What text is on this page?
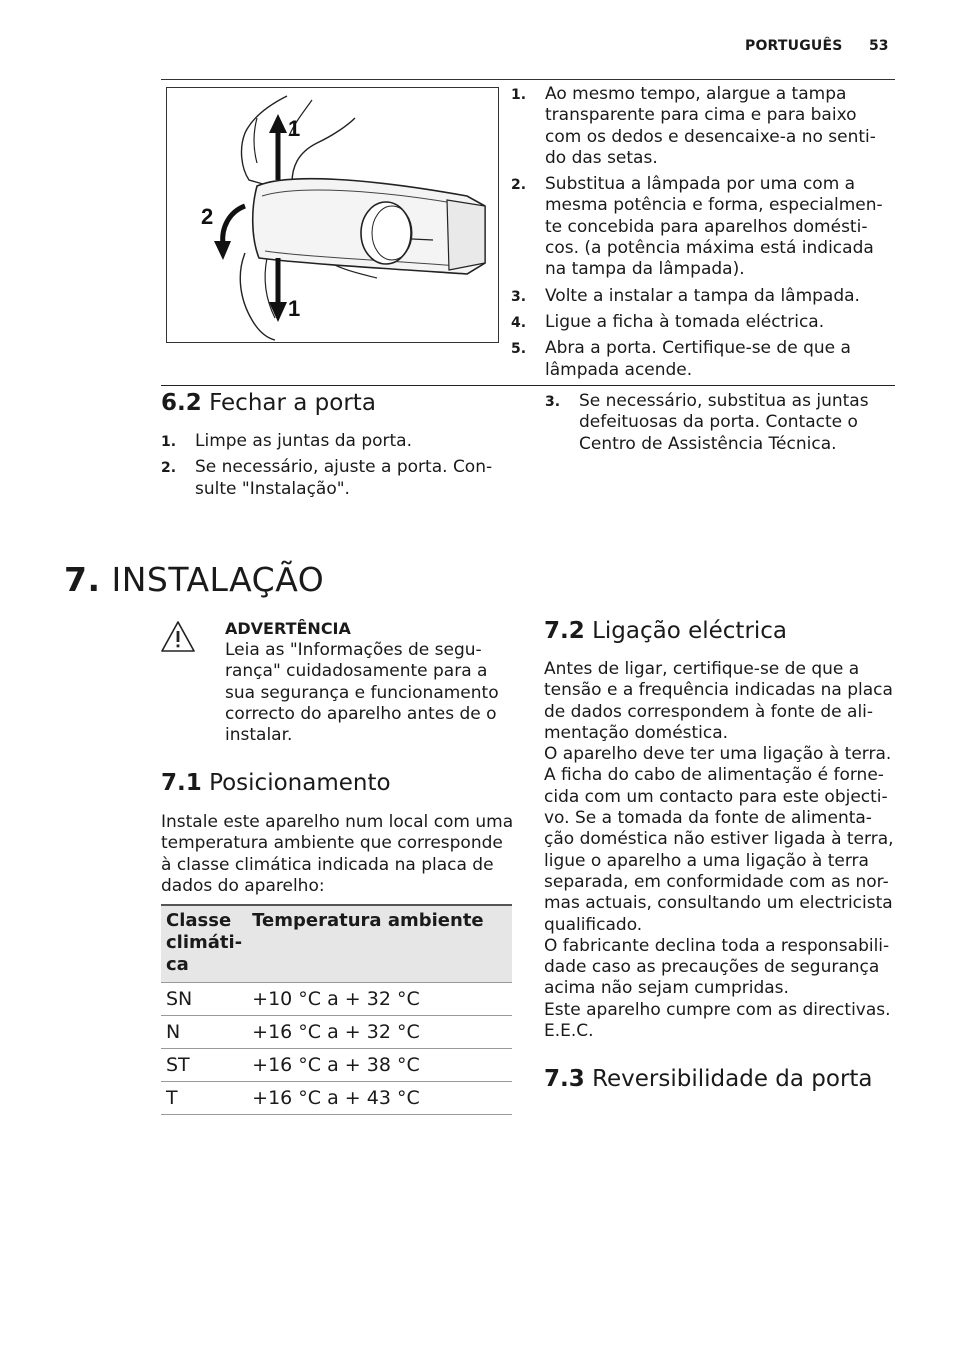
PORTUGUÊS 53
1
2
1
1. Ao mesmo tempo, alargue a tampa transparente para cima e para baixo com os dedos e desencaixe-a no senti-do das setas.
2. Substitua a lâmpada por uma com a mesma potência e forma, especialmen-te concebida para aparelhos domésti-cos. (a potência máxima está indicada na tampa da lâmpada).
3. Volte a instalar a tampa da lâmpada.
4. Ligue a ficha à tomada eléctrica.
5. Abra a porta. Certifique-se de que a lâmpada acende.
6.2 Fechar a porta
1. Limpe as juntas da porta.
2. Se necessário, ajuste a porta. Con-sulte "Instalação".
3. Se necessário, substitua as juntas defeituosas da porta. Contacte o Centro de Assistência Técnica.
7. INSTALAÇÃO
ADVERTÊNCIA

Leia as "Informações de segu-rança" cuidadosamente para a sua segurança e funcionamento correcto do aparelho antes de o instalar.

7.1 Posicionamento

Instale este aparelho num local com uma temperatura ambiente que corresponde à classe climática indicada na placa de dados do aparelho:

Classe climáti-ca	Temperatura ambiente
SN	+10 °C a + 32 °C
N	+16 °C a + 32 °C
ST	+16 °C a + 38 °C
T	+16 °C a + 43 °C
7.2 Ligação eléctrica

Antes de ligar, certifique-se de que a tensão e a frequência indicadas na placa de dados correspondem à fonte de ali-mentação doméstica.

O aparelho deve ter uma ligação à terra. A ficha do cabo de alimentação é forne-cida com um contacto para este objecti-vo. Se a tomada da fonte de alimenta-ção doméstica não estiver ligada à terra, ligue o aparelho a uma ligação à terra separada, em conformidade com as nor-mas actuais, consultando um electricista qualificado.

O fabricante declina toda a responsabili-dade caso as precauções de segurança acima não sejam cumpridas.

Este aparelho cumpre com as directivas. E.E.C.

7.3 Reversibilidade da porta
